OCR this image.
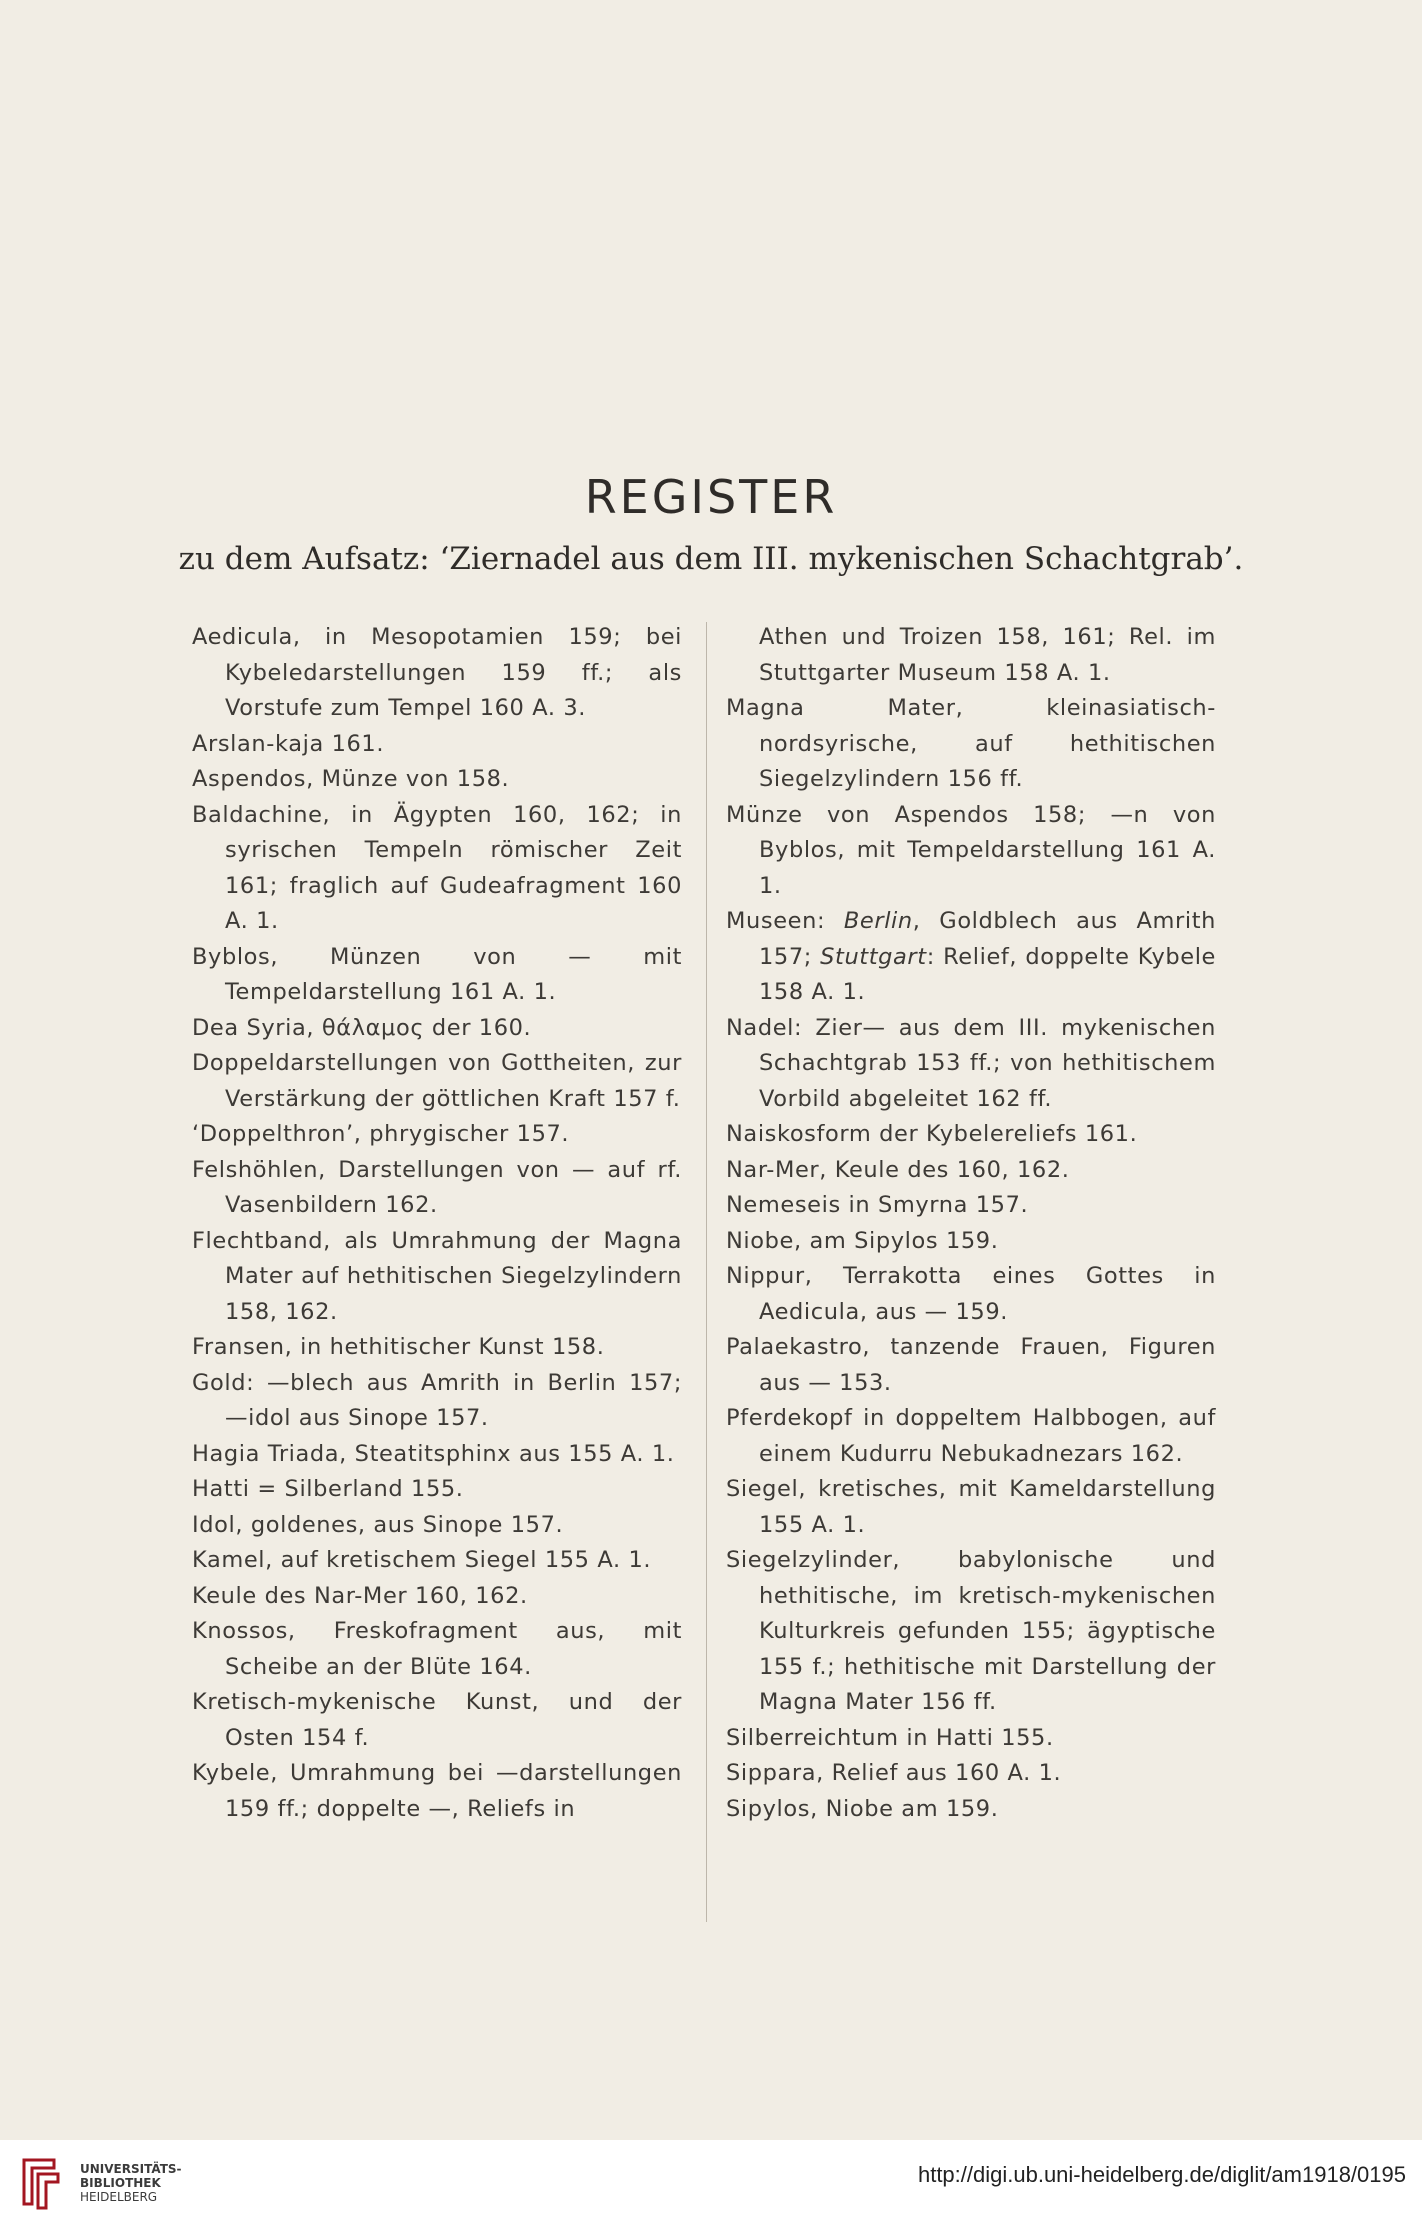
REGISTER
zu dem Aufsatz: ‘Ziernadel aus dem III. mykenischen Schachtgrab’.
Aedicula, in Mesopotamien 159; bei Kybeledarstellungen 159 ff.; als Vorstufe zum Tempel 160 A. 3.
Arslan-kaja 161.
Aspendos, Münze von 158.
Baldachine, in Ägypten 160, 162; in syrischen Tempeln römischer Zeit 161; fraglich auf Gudeafragment 160 A. 1.
Byblos, Münzen von — mit Tempeldarstellung 161 A. 1.
Dea Syria, θάλαμος der 160.
Doppeldarstellungen von Gottheiten, zur Verstärkung der göttlichen Kraft 157 f.
‘Doppelthron’, phrygischer 157.
Felshöhlen, Darstellungen von — auf rf. Vasenbildern 162.
Flechtband, als Umrahmung der Magna Mater auf hethitischen Siegelzylindern 158, 162.
Fransen, in hethitischer Kunst 158.
Gold: —blech aus Amrith in Berlin 157; —idol aus Sinope 157.
Hagia Triada, Steatitsphinx aus 155 A. 1.
Hatti = Silberland 155.
Idol, goldenes, aus Sinope 157.
Kamel, auf kretischem Siegel 155 A. 1.
Keule des Nar-Mer 160, 162.
Knossos, Freskofragment aus, mit Scheibe an der Blüte 164.
Kretisch-mykenische Kunst, und der Osten 154 f.
Kybele, Umrahmung bei —darstellungen 159 ff.; doppelte —, Reliefs in
Athen und Troizen 158, 161; Rel. im Stuttgarter Museum 158 A. 1.
Magna Mater, kleinasiatisch-nordsyrische, auf hethitischen Siegelzylindern 156 ff.
Münze von Aspendos 158; —n von Byblos, mit Tempeldarstellung 161 A. 1.
Museen: Berlin, Goldblech aus Amrith 157; Stuttgart: Relief, doppelte Kybele 158 A. 1.
Nadel: Zier— aus dem III. mykenischen Schachtgrab 153 ff.; von hethitischem Vorbild abgeleitet 162 ff.
Naiskosform der Kybelereliefs 161.
Nar-Mer, Keule des 160, 162.
Nemeseis in Smyrna 157.
Niobe, am Sipylos 159.
Nippur, Terrakotta eines Gottes in Aedicula, aus — 159.
Palaekastro, tanzende Frauen, Figuren aus — 153.
Pferdekopf in doppeltem Halbbogen, auf einem Kudurru Nebukadnezars 162.
Siegel, kretisches, mit Kameldarstellung 155 A. 1.
Siegelzylinder, babylonische und hethitische, im kretisch-mykenischen Kulturkreis gefunden 155; ägyptische 155 f.; hethitische mit Darstellung der Magna Mater 156 ff.
Silberreichtum in Hatti 155.
Sippara, Relief aus 160 A. 1.
Sipylos, Niobe am 159.
UNIVERSITÄTS-
BIBLIOTHEK
HEIDELBERG
http://digi.ub.uni-heidelberg.de/diglit/am1918/0195
